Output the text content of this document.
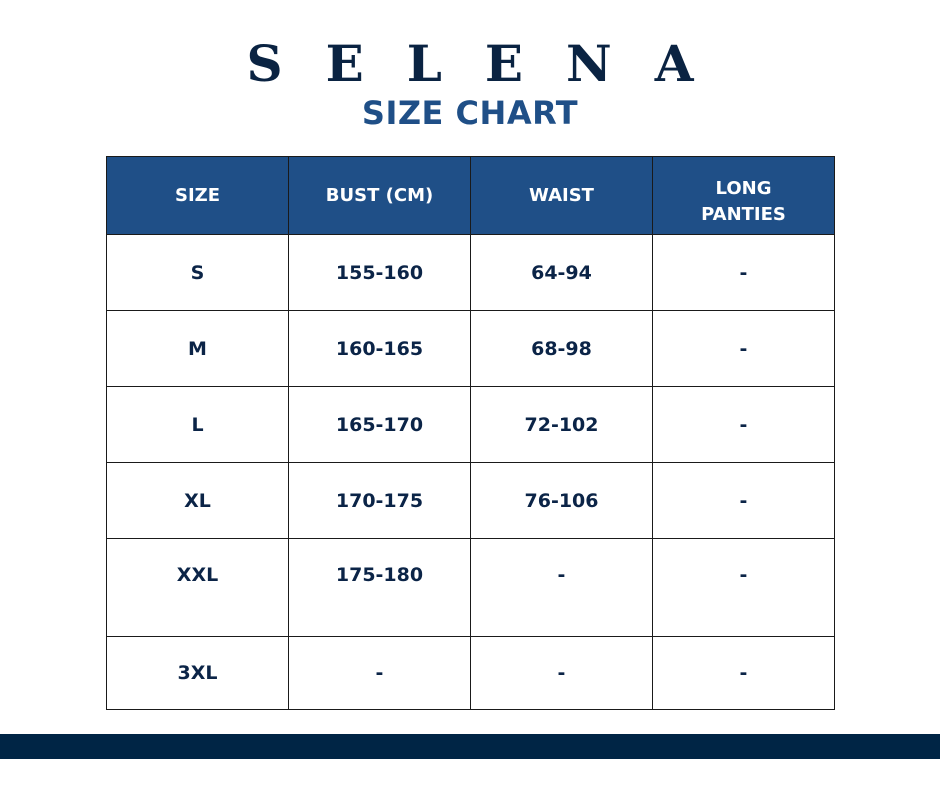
SELENA
SIZE CHART
SIZE	BUST (CM)	WAIST	LONG
PANTIES
S	155-160	64-94	-
M	160-165	68-98	-
L	165-170	72-102	-
XL	170-175	76-106	-
XXL	175-180	-	-
3XL	-	-	-
